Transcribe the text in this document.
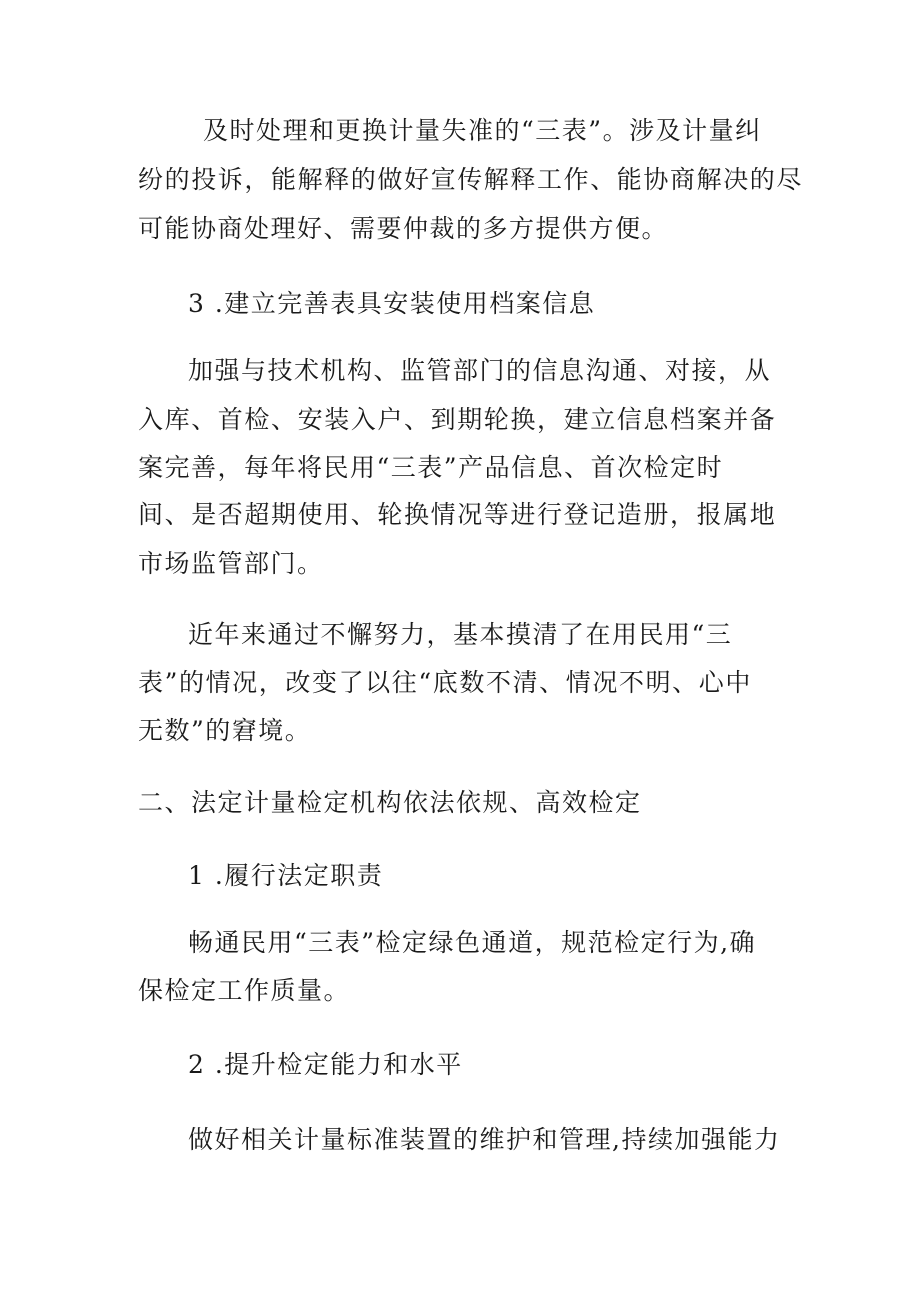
及时处理和更换计量失准的“三表”。涉及计量纠
纷的投诉，能解释的做好宣传解释工作、能协商解决的尽
可能协商处理好、需要仲裁的多方提供方便。
3 .建立完善表具安装使用档案信息
加强与技术机构、监管部门的信息沟通、对接，从
入库、首检、安装入户、到期轮换，建立信息档案并备
案完善，每年将民用“三表”产品信息、首次检定时
间、是否超期使用、轮换情况等进行登记造册，报属地
市场监管部门。
近年来通过不懈努力，基本摸清了在用民用“三
表”的情况，改变了以往“底数不清、情况不明、心中
无数”的窘境。
二、法定计量检定机构依法依规、高效检定
1 .履行法定职责
畅通民用“三表”检定绿色通道，规范检定行为,确
保检定工作质量。
2 .提升检定能力和水平
做好相关计量标准装置的维护和管理,持续加强能力
